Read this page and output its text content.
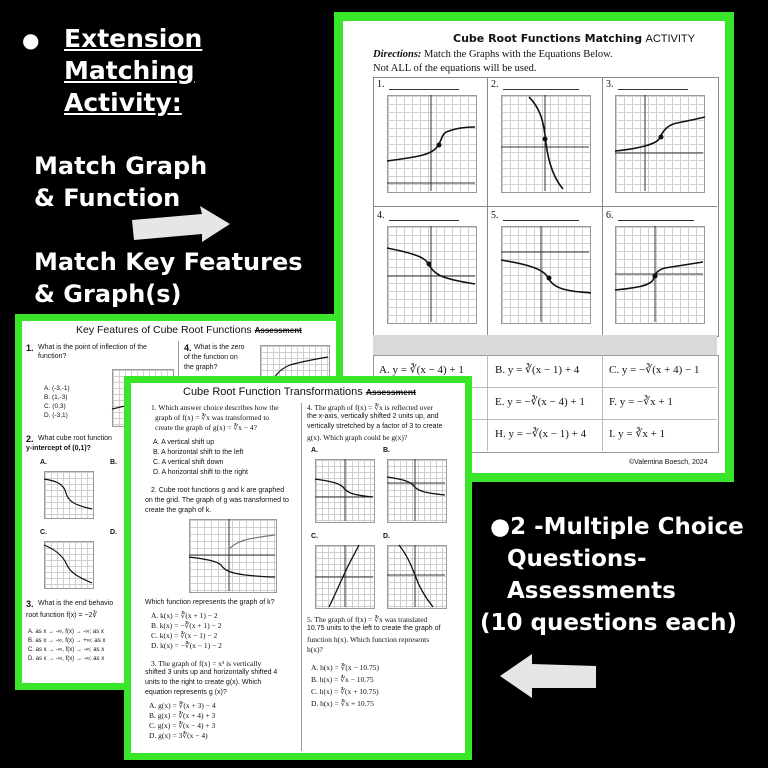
● Extension
Matching
Activity:
Match Graph
& Function
Match Key Features
& Graph(s)
●2 -Multiple Choice
Questions-
Assessments
(10 questions each)
Cube Root Functions Matching ACTIVITY
Directions: Match the Graphs with the Equations Below.
Not ALL of the equations will be used.
1.	2.	3.
4.	5.	6.
A. y = ∛(x − 4) + 1	B. y = ∛(x − 1) + 4	C. y = −∛(x + 4) − 1
E. y = −∛(x − 4) + 1 F. y = −∛x + 1
H. y = −∛(x − 1) + 4 I. y = ∛x + 1
©Valentina Boesch, 2024
Key Features of Cube Root Functions Assessment
1. What is the point of inflection of the
function?
A. (-3,-1)
B. (1,-3)
C. (0,3)
D. (-3,1)
2. What cube root function
y-intercept of (0,1)?
A.	B.
C.	D.
3. What is the end behavio
root function f(x) = −2∛
A. as x → -∞, f(x) → -∞; as x
B. as x → -∞, f(x) → +∞; as x
C. as x → -∞, f(x) → -∞; as x
D. as x → -∞, f(x) → -∞; as x
4. What is the zero
of the function on
the graph?
Cube Root Function Transformations Assessment
1. Which answer choice describes how the
graph of f(x) = ∛x was transformed to
create the graph of g(x) = ∛x − 4?
A. A vertical shift up
B. A horizontal shift to the left
C. A vertical shift down
D. A horizontal shift to the right
2. Cube root functions g and k are graphed
on the grid. The graph of g was transformed to
create the graph of k.
Which function represents the graph of k?
A. k(x) = ∛(x + 1) − 2
B. k(x) = −∛(x + 1) − 2
C. k(x) = ∛(x − 1) − 2
D. k(x) = −∛(x − 1) − 2
3. The graph of f(x) = x³ is vertically
shifted 3 units up and horizontally shifted 4
units to the right to create g(x). Which
equation represents g (x)?
A. g(x) = ∛(x + 3) − 4
B. g(x) = ∛(x + 4) + 3
C. g(x) = ∛(x − 4) + 3
D. g(x) = 3∛(x − 4)
4. The graph of f(x) = ∛x is reflected over
the x-axis, vertically shifted 2 units up, and
vertically stretched by a factor of 3 to create
g(x). Which graph could be g(x)?
A.	B.
C.	D.
5. The graph of f(x) = ∛x was translated
10.75 units to the left to create the graph of
function h(x). Which function represents
h(x)?
A. h(x) = ∛(x − 10.75)
B. h(x) = ∛x − 10.75
C. h(x) = ∛(x + 10.75)
D. h(x) = ∛x + 10.75
